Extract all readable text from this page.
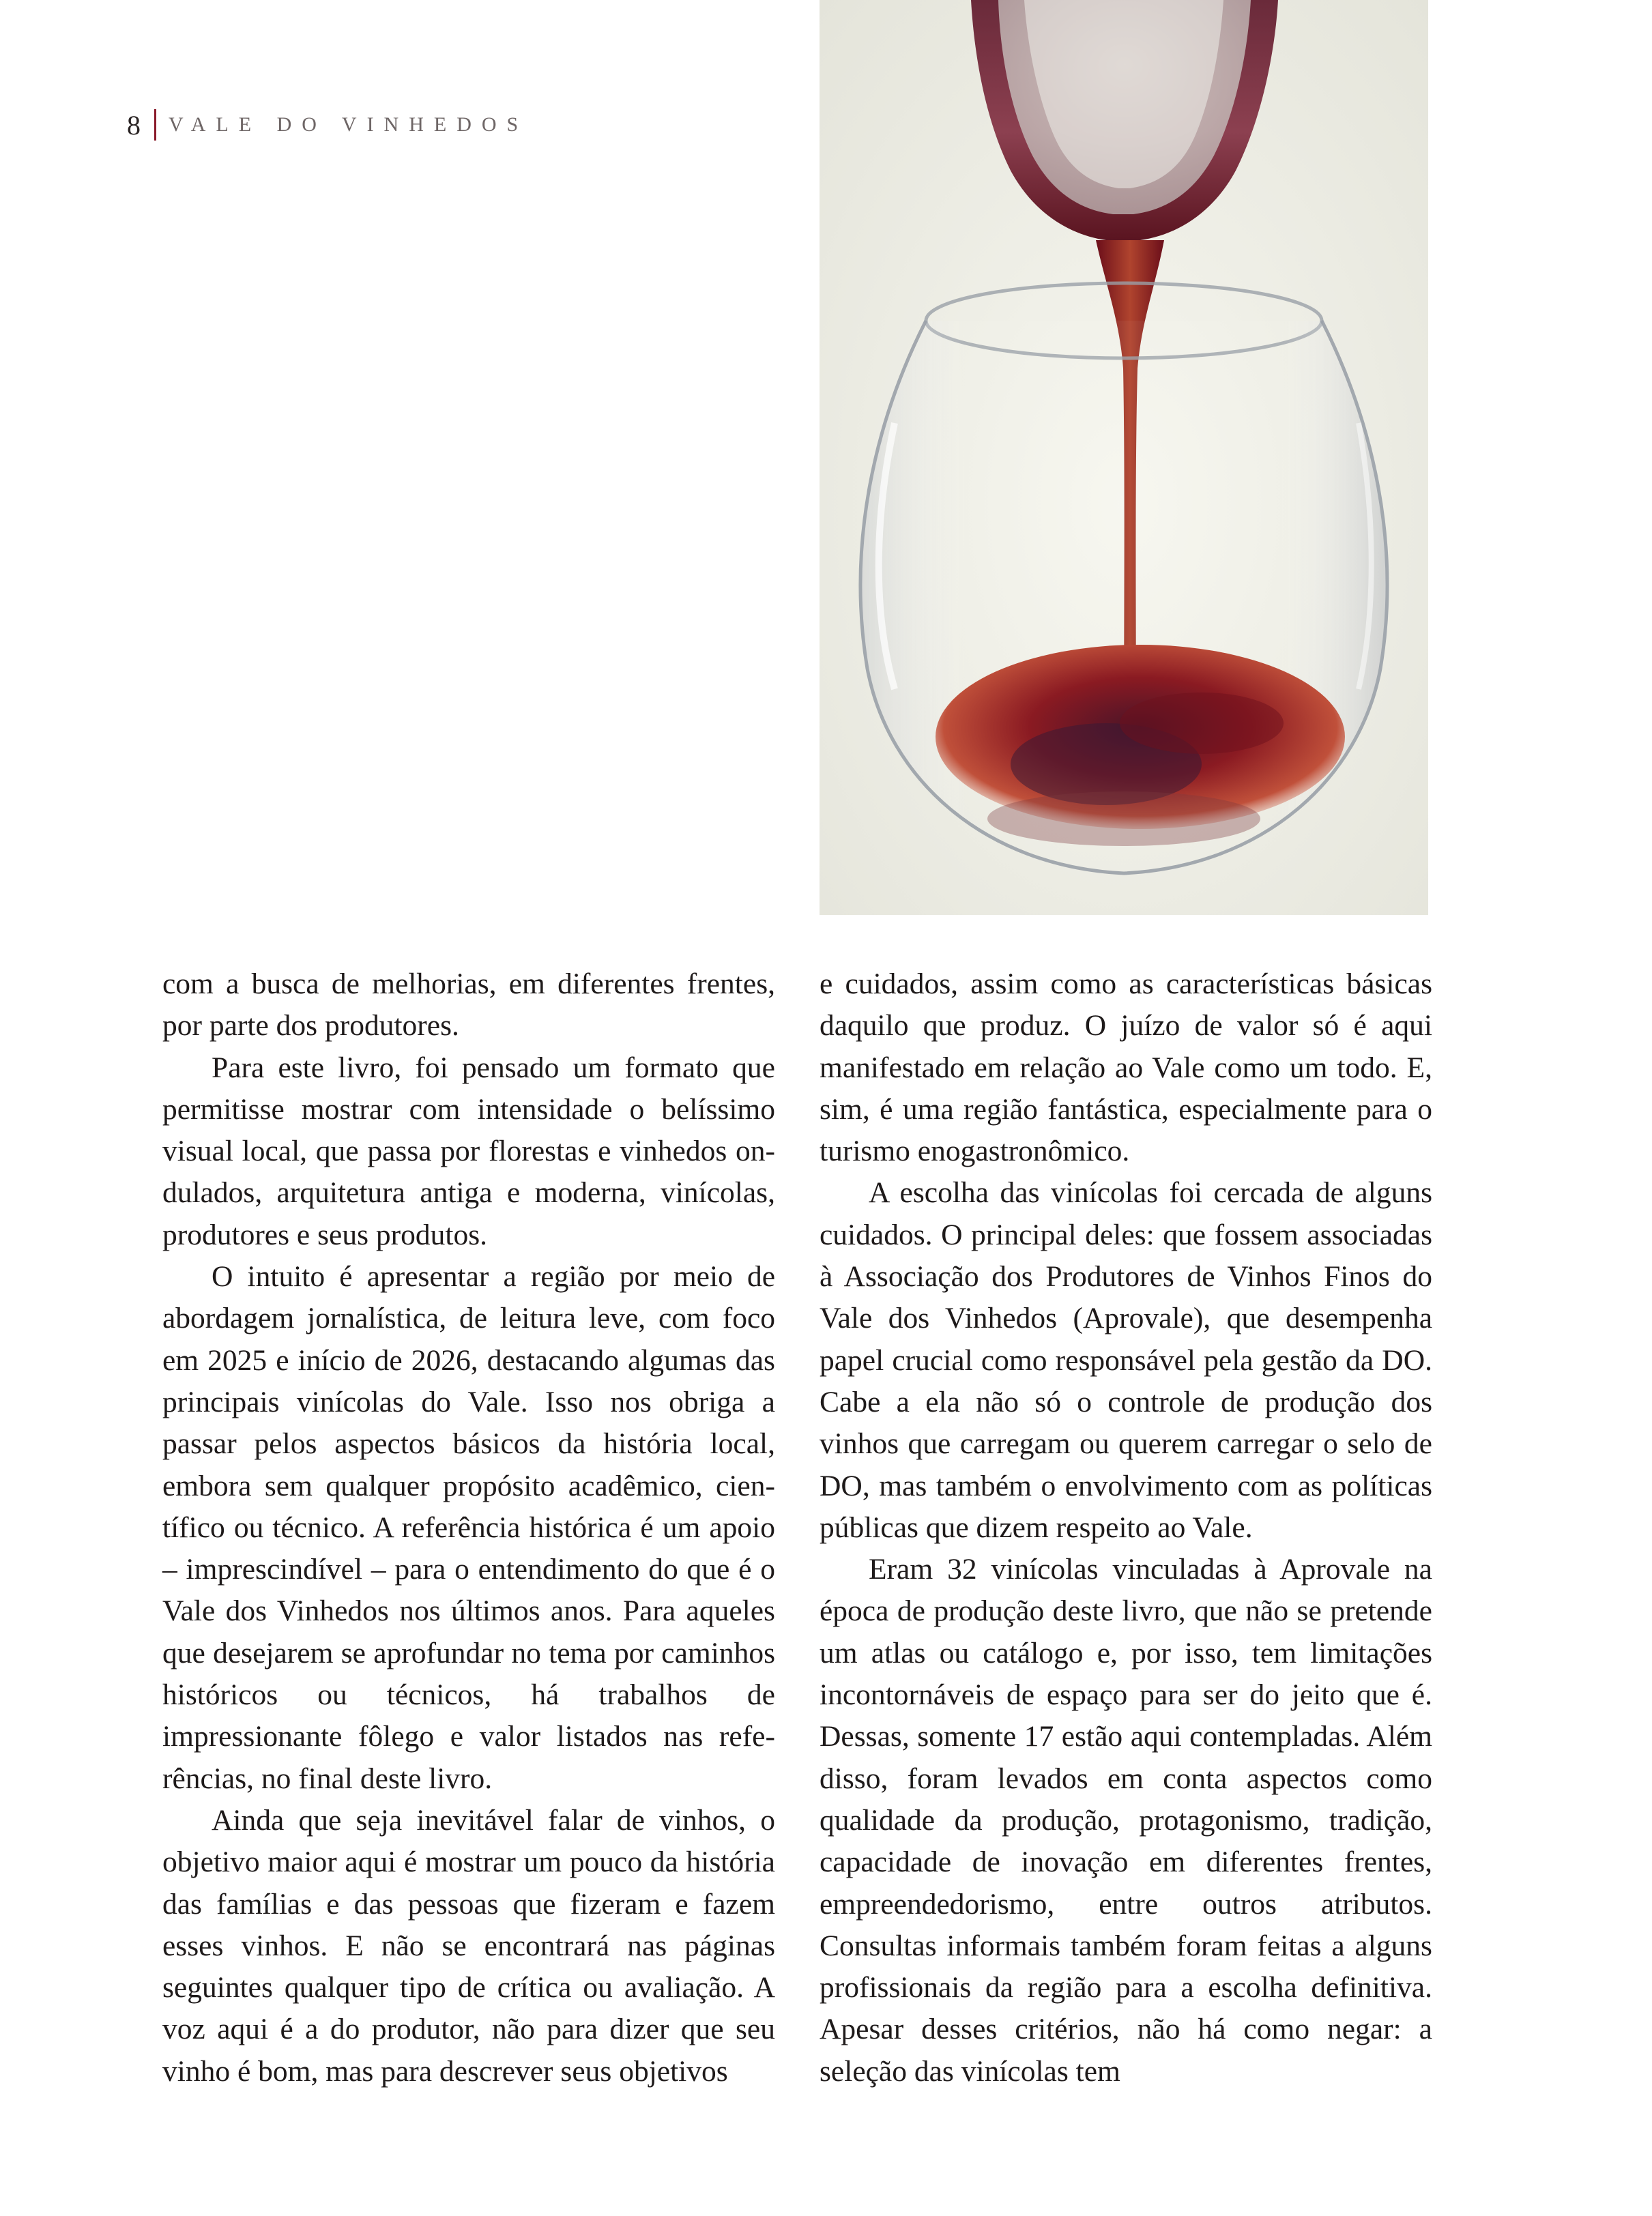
8 VALE DO VINHEDOS

com a busca de melhorias, em diferentes frentes, por parte dos produtores.

Para este livro, foi pensado um formato que permitisse mostrar com intensidade o belíssimo visual local, que passa por florestas e vinhedos ondulados, arquitetura antiga e moderna, vinícolas, produtores e seus produtos.

O intuito é apresentar a região por meio de abordagem jornalística, de leitura leve, com foco em 2025 e início de 2026, destacando algumas das principais vinícolas do Vale. Isso nos obriga a passar pelos aspectos básicos da história local, embora sem qualquer propósito acadêmico, científico ou técnico. A referência histórica é um apoio – imprescindível – para o entendimento do que é o Vale dos Vinhedos nos últimos anos. Para aqueles que desejarem se aprofundar no tema por caminhos históricos ou técnicos, há trabalhos de impressionante fôlego e valor listados nas referências, no final deste livro.

Ainda que seja inevitável falar de vinhos, o objetivo maior aqui é mostrar um pouco da história das famílias e das pessoas que fizeram e fazem esses vinhos. E não se encontrará nas páginas seguintes qualquer tipo de crítica ou avaliação. A voz aqui é a do produtor, não para dizer que seu vinho é bom, mas para descrever seus objetivos

e cuidados, assim como as características básicas daquilo que produz. O juízo de valor só é aqui manifestado em relação ao Vale como um todo. E, sim, é uma região fantástica, especialmente para o turismo enogastronômico.

A escolha das vinícolas foi cercada de alguns cuidados. O principal deles: que fossem associadas à Associação dos Produtores de Vinhos Finos do Vale dos Vinhedos (Aprovale), que desempenha papel crucial como responsável pela gestão da DO. Cabe a ela não só o controle de produção dos vinhos que carregam ou querem carregar o selo de DO, mas também o envolvimento com as políticas públicas que dizem respeito ao Vale.

Eram 32 vinícolas vinculadas à Aprovale na época de produção deste livro, que não se pretende um atlas ou catálogo e, por isso, tem limitações incontornáveis de espaço para ser do jeito que é. Dessas, somente 17 estão aqui contempladas. Além disso, foram levados em conta aspectos como qualidade da produção, protagonismo, tradição, capacidade de inovação em diferentes frentes, empreendedorismo, entre outros atributos. Consultas informais também foram feitas a alguns profissionais da região para a escolha definitiva. Apesar desses critérios, não há como negar: a seleção das vinícolas tem
